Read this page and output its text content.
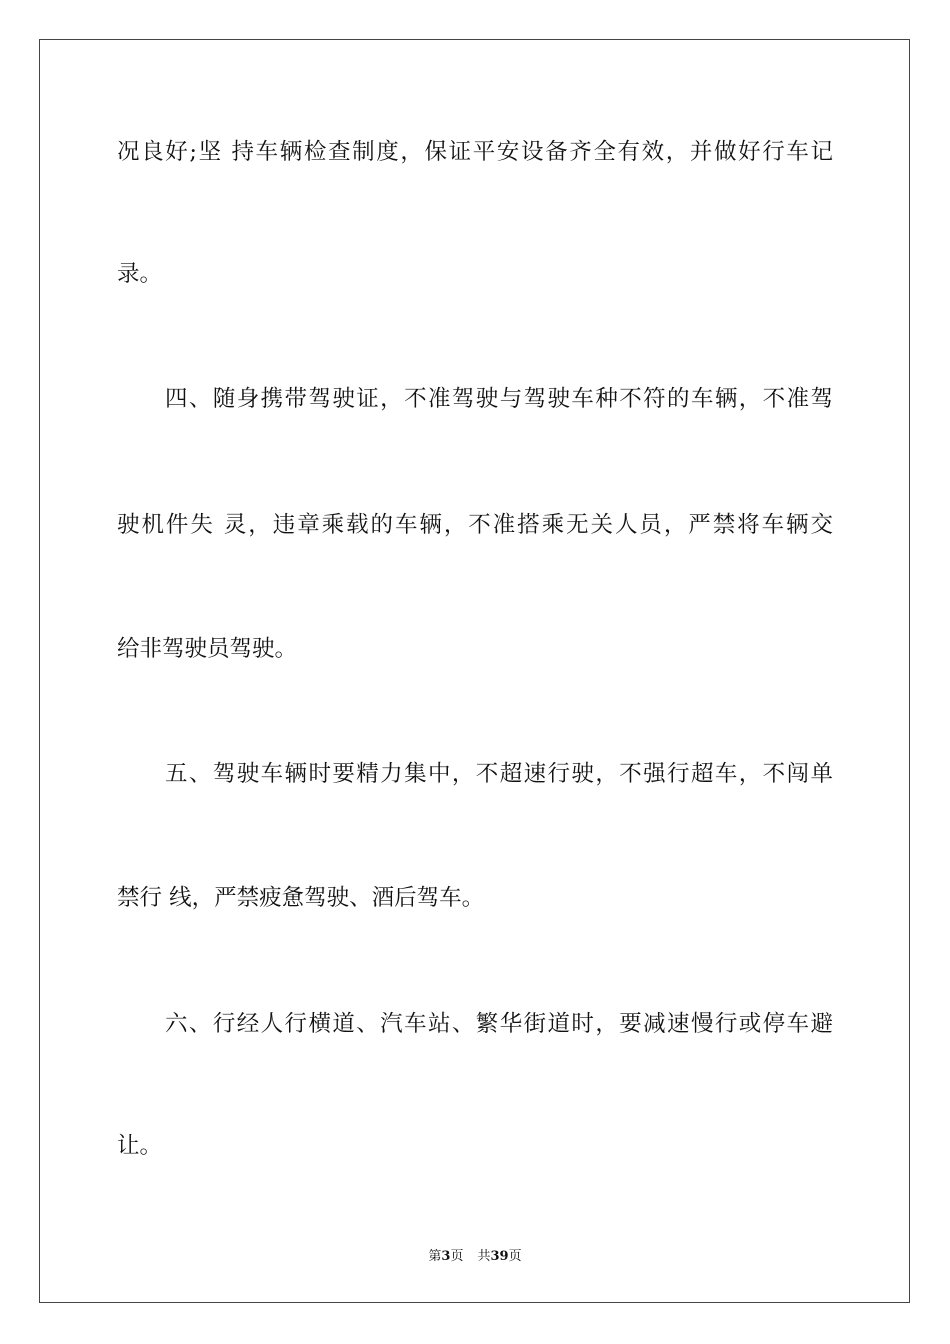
况良好;坚 持车辆检查制度，保证平安设备齐全有效，并做好行车记
录。
四、随身携带驾驶证，不准驾驶与驾驶车种不符的车辆，不准驾
驶机件失 灵，违章乘载的车辆，不准搭乘无关人员，严禁将车辆交
给非驾驶员驾驶。
五、驾驶车辆时要精力集中，不超速行驶，不强行超车，不闯单
禁行 线，严禁疲惫驾驶、酒后驾车。
六、行经人行横道、汽车站、繁华街道时，要减速慢行或停车避
让。
第3页 共39页
